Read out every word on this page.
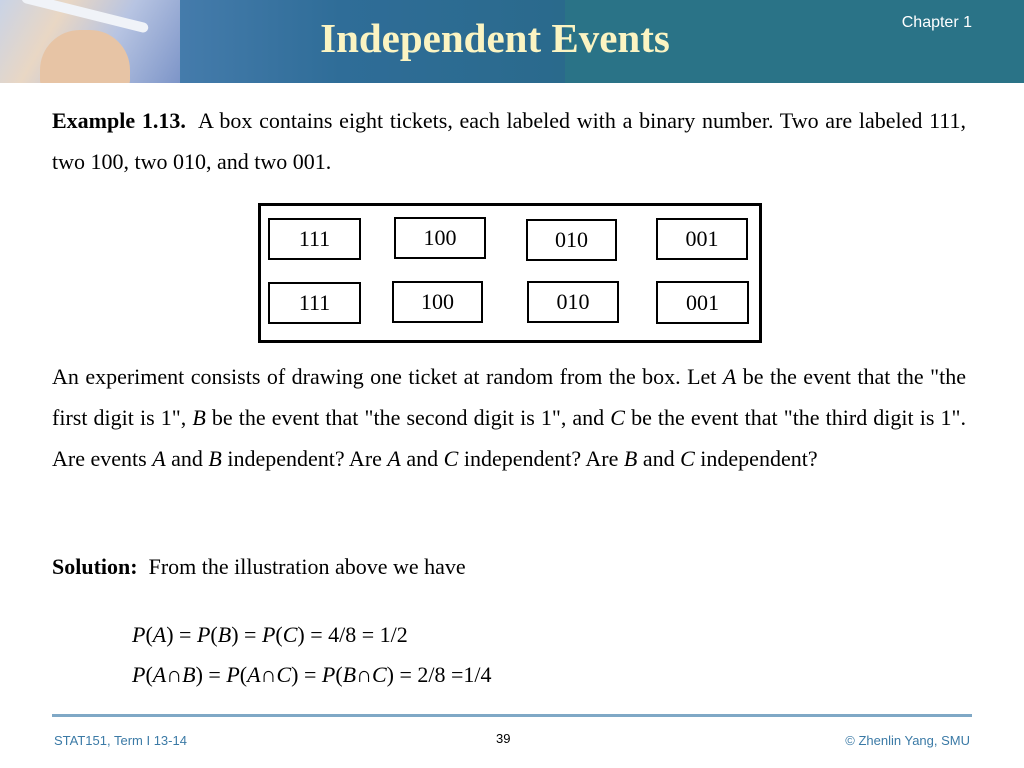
Independent Events	Chapter 1
Example 1.13. A box contains eight tickets, each labeled with a binary number. Two are labeled 111, two 100, two 010, and two 001.
111	100	010	001
111	100	010	001
An experiment consists of drawing one ticket at random from the box. Let A be the event that the "the first digit is 1", B be the event that "the second digit is 1", and C be the event that "the third digit is 1". Are events A and B independent? Are A and C independent? Are B and C independent?
Solution: From the illustration above we have
P(A) = P(B) = P(C) = 4/8 = 1/2
P(A∩B) = P(A∩C) = P(B∩C) = 2/8 =1/4
STAT151, Term I 13-14	39	© Zhenlin Yang, SMU
